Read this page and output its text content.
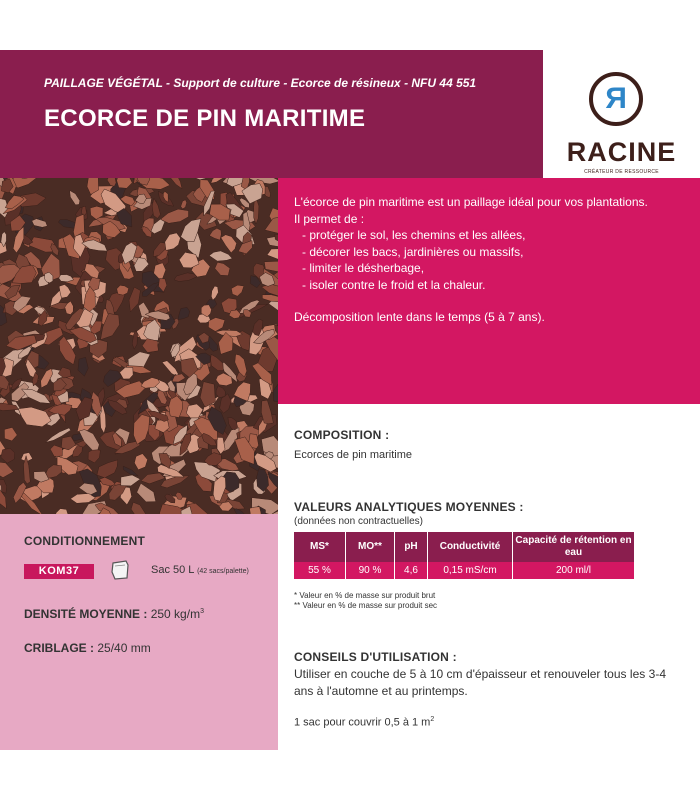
PAILLAGE VÉGÉTAL - Support de culture - Ecorce de résineux - NFU 44 551
ECORCE DE PIN MARITIME
R
RACINE
CRÉATEUR DE RESSOURCE
L'écorce de pin maritime est un paillage idéal pour vos plantations.
Il permet de :
- protéger le sol, les chemins et les allées,
- décorer les bacs, jardinières ou massifs,
- limiter le désherbage,
- isoler contre le froid et la chaleur.
Décomposition lente dans le temps (5 à 7 ans).
CONDITIONNEMENT
KOM37	Sac 50 L (42 sacs/palette)
DENSITÉ MOYENNE : 250 $kg/m^3$
CRIBLAGE : 25/40 mm
COMPOSITION :
Ecorces de pin maritime
VALEURS ANALYTIQUES MOYENNES :
(données non contractuelles)
MS*	MO**	pH	Conductivité	Capacité de rétention en eau
55 %	90 %	4,6	0,15 mS/cm	200 ml/l
* Valeur en % de masse sur produit brut
** Valeur en % de masse sur produit sec
CONSEILS D'UTILISATION :
Utiliser en couche de 5 à 10 cm d'épaisseur et renouveler tous les 3-4 ans à l'automne et au printemps.
1 sac pour couvrir 0,5 à 1 $m^2$
